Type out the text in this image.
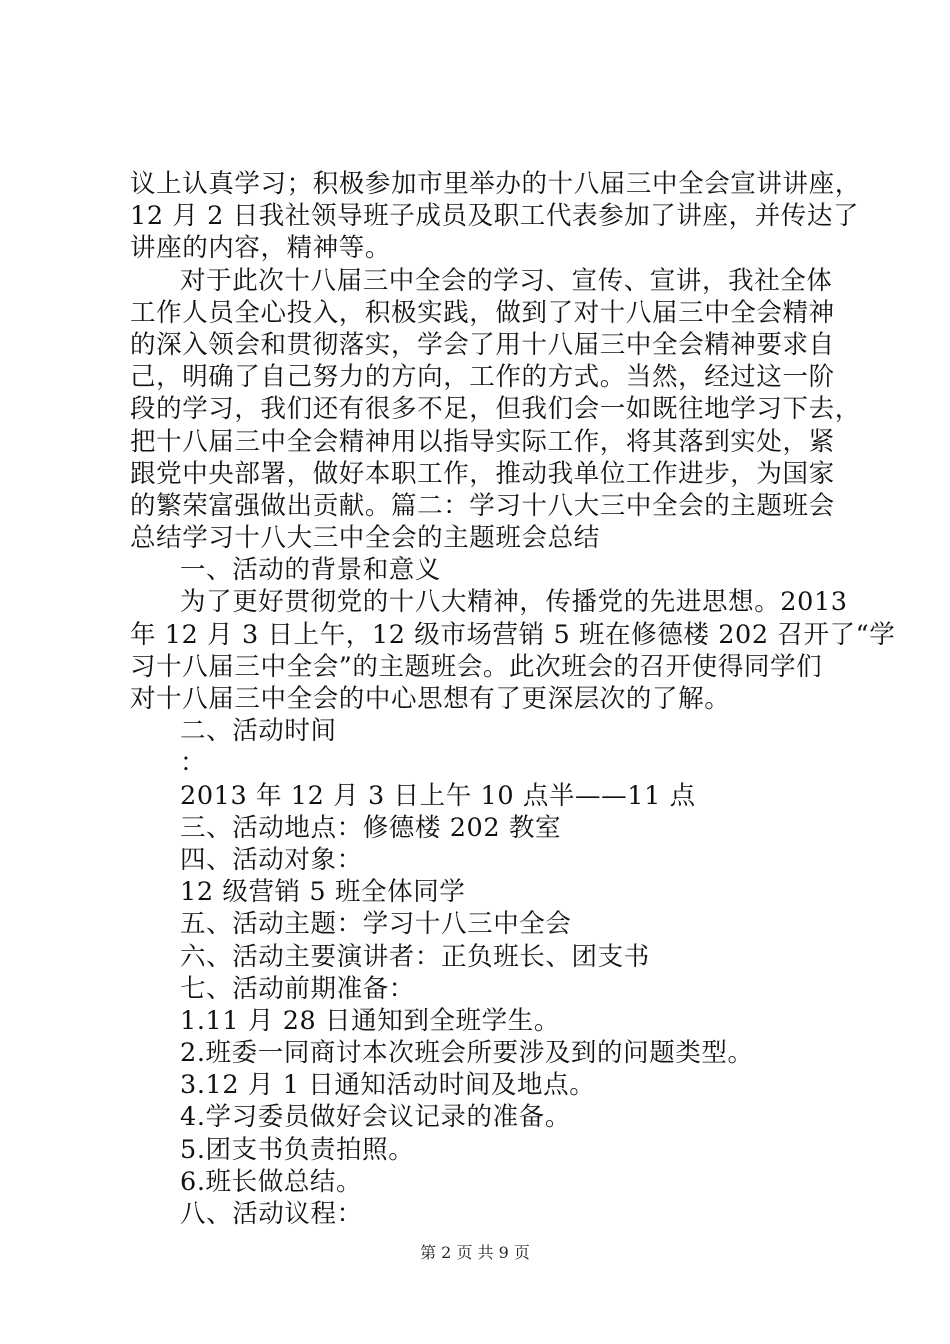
议上认真学习；积极参加市里举办的十八届三中全会宣讲讲座，
12 月 2 日我社领导班子成员及职工代表参加了讲座，并传达了
讲座的内容，精神等。
对于此次十八届三中全会的学习、宣传、宣讲，我社全体
工作人员全心投入，积极实践，做到了对十八届三中全会精神
的深入领会和贯彻落实，学会了用十八届三中全会精神要求自
己，明确了自己努力的方向，工作的方式。当然，经过这一阶
段的学习，我们还有很多不足，但我们会一如既往地学习下去，
把十八届三中全会精神用以指导实际工作，将其落到实处，紧
跟党中央部署，做好本职工作，推动我单位工作进步，为国家
的繁荣富强做出贡献。篇二：学习十八大三中全会的主题班会
总结学习十八大三中全会的主题班会总结
一、活动的背景和意义
为了更好贯彻党的十八大精神，传播党的先进思想。2013
年 12 月 3 日上午，12 级市场营销 5 班在修德楼 202 召开了“学
习十八届三中全会”的主题班会。此次班会的召开使得同学们
对十八届三中全会的中心思想有了更深层次的了解。
二、活动时间
：
2013 年 12 月 3 日上午 10 点半——11 点
三、活动地点：修德楼 202 教室
四、活动对象：
12 级营销 5 班全体同学
五、活动主题：学习十八三中全会
六、活动主要演讲者：正负班长、团支书
七、活动前期准备：
1.11 月 28 日通知到全班学生。
2.班委一同商讨本次班会所要涉及到的问题类型。
3.12 月 1 日通知活动时间及地点。
4.学习委员做好会议记录的准备。
5.团支书负责拍照。
6.班长做总结。
八、活动议程：
第 2 页 共 9 页
